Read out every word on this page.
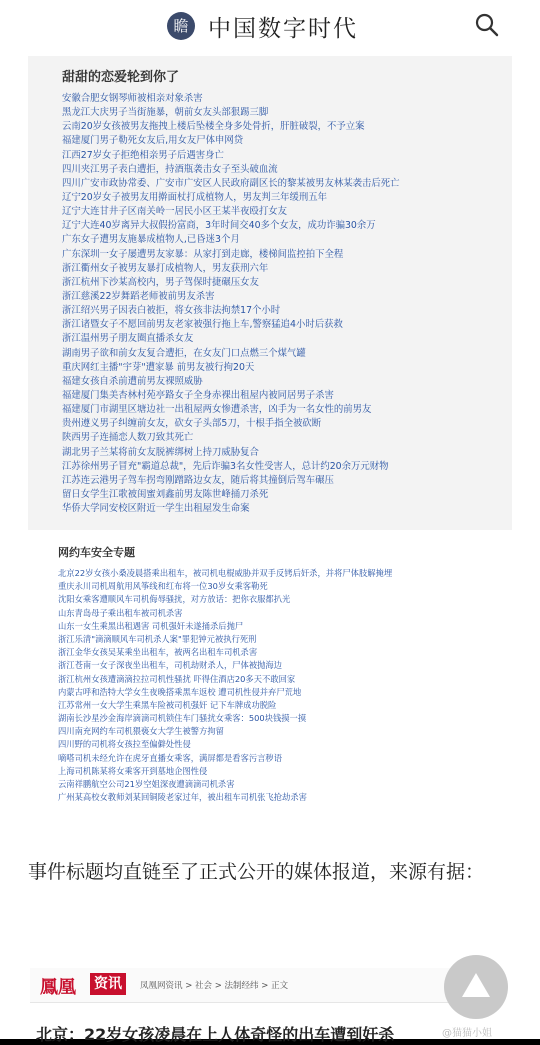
瞻 中国数字时代
甜甜的恋爱轮到你了
安徽合肥女钢琴师被相亲对象杀害
黑龙江大庆男子当街施暴，朝前女友头部狠踢三脚
云南20岁女孩被男友拖拽上楼后坠楼全身多处骨折，肝脏破裂，不予立案
福建厦门男子勒死女友后,用女友尸体申网贷
江西27岁女子拒绝相亲男子后遇害身亡
四川夹江男子表白遭拒，持酒瓶袭击女子至头破血流
四川广安市政协常委、广安市广安区人民政府副区长的黎某被男友林某袭击后死亡
辽宁20岁女子被男友用擀面杖打成植物人，男友判三年缓刑五年
辽宁大连甘井子区南关岭一居民小区王某半夜殴打女友
辽宁大连40岁离异大叔假扮富商，3年时间交40多个女友，成功诈骗30余万
广东女子遭男友施暴成植物人,已昏迷3个月
广东深圳一女子屡遭男友家暴：从家打到走廊，楼梯间监控拍下全程
浙江衢州女子被男友暴打成植物人，男友获刑六年
浙江杭州下沙某高校内，男子驾保时捷碾压女友
浙江慈溪22岁舞蹈老师被前男友杀害
浙江绍兴男子因表白被拒，将女孩非法拘禁17个小时
浙江诸暨女子不愿回前男友老家被强行拖上车,警察猛追4小时后获救
浙江温州男子朋友圈直播杀女友
湖南男子欲和前女友复合遭拒，在女友门口点燃三个煤气罐
重庆网红主播"宇芽"遭家暴 前男友被行拘20天
福建女孩自杀前遭前男友裸照威胁
福建厦门集美杏林村苑亭路女子全身赤裸出租屋内被同居男子杀害
福建厦门市湖里区塘边社一出租屋两女惨遭杀害，凶手为一名女性的前男友
贵州遵义男子纠缠前女友，砍女子头部5刀，十根手指全被砍断
陕西男子连捅恋人数刀致其死亡
湖北男子兰某将前女友脱裤绑树上持刀威胁复合
江苏徐州男子冒充"霸道总裁"，先后诈骗3名女性受害人，总计约20余万元财物
江苏连云港男子驾车拐弯刚蹭路边女友，随后将其撞倒后驾车碾压
留日女学生江歌被闺蜜刘鑫前男友陈世峰捅刀杀死
华侨大学同安校区附近一学生出租屋发生命案
网约车安全专题
北京22岁女孩小桑凌晨搭乘出租车，被司机电棍威胁并双手反铐后奸杀，并将尸体肢解掩埋
重庆永川司机周航用风筝线和红布将一位30岁女乘客勒死
沈阳女乘客遭顺风车司机侮辱骚扰，对方放话：把你衣服都扒光
山东青岛母子乘出租车被司机杀害
山东一女生乘黑出租遇害 司机强奸未遂捅杀后抛尸
浙江乐清"滴滴顺风车司机杀人案"罪犯钟元被执行死刑
浙江金华女孩吴某乘坐出租车，被两名出租车司机杀害
浙江苍南一女子深夜坐出租车，司机劫财杀人，尸体被抛海边
浙江杭州女孩遭滴滴拉拉司机性骚扰 吓得住酒店20多天不敢回家
内蒙古呼和浩特大学女生夜晚搭乘黑车返校 遭司机性侵并弃尸荒地
江苏常州一女大学生乘黑车险被司机强奸 记下车牌成功脱险
湖南长沙星沙金海岸滴滴司机锁住车门骚扰女乘客：500块钱摸一摸
四川南充网约车司机猥亵女大学生被警方拘留
四川野的司机将女孩拉至偏僻处性侵
嘀嗒司机未经允许在虎牙直播女乘客，满屏都是看客污言秽语
上海司机陈某将女乘客开到墓地企图性侵
云南祥鹏航空公司21岁空姐深夜遭滴滴司机杀害
广州某高校女教师刘某回铜陵老家过年，被出租车司机张飞抢劫杀害
事件标题均直链至了正式公开的媒体报道，来源有据：
鳳凰 资讯	凤凰网资讯 > 社会 > 法制经纬 > 正文
北京：22岁女孩凌晨在上人体奇怪的出车遭到奸杀	@猫猫小姐
